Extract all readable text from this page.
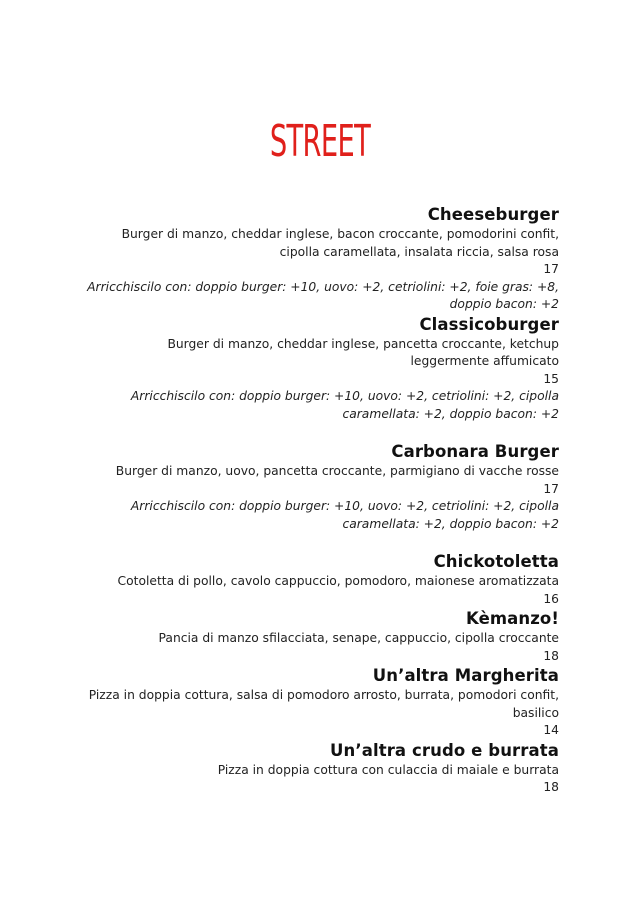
STREET
Cheeseburger
Burger di manzo, cheddar inglese, bacon croccante, pomodorini confit,
cipolla caramellata, insalata riccia, salsa rosa
17
Arricchiscilo con: doppio burger: +10, uovo: +2, cetriolini: +2, foie gras: +8,
doppio bacon: +2
Classicoburger
Burger di manzo, cheddar inglese, pancetta croccante, ketchup
leggermente affumicato
15
Arricchiscilo con: doppio burger: +10, uovo: +2, cetriolini: +2, cipolla
caramellata: +2, doppio bacon: +2
Carbonara Burger
Burger di manzo, uovo, pancetta croccante, parmigiano di vacche rosse
17
Arricchiscilo con: doppio burger: +10, uovo: +2, cetriolini: +2, cipolla
caramellata: +2, doppio bacon: +2
Chickotoletta
Cotoletta di pollo, cavolo cappuccio, pomodoro, maionese aromatizzata
16
Kèmanzo!
Pancia di manzo sfilacciata, senape, cappuccio, cipolla croccante
18
Un’altra Margherita
Pizza in doppia cottura, salsa di pomodoro arrosto, burrata, pomodori confit,
basilico
14
Un’altra crudo e burrata
Pizza in doppia cottura con culaccia di maiale e burrata
18
